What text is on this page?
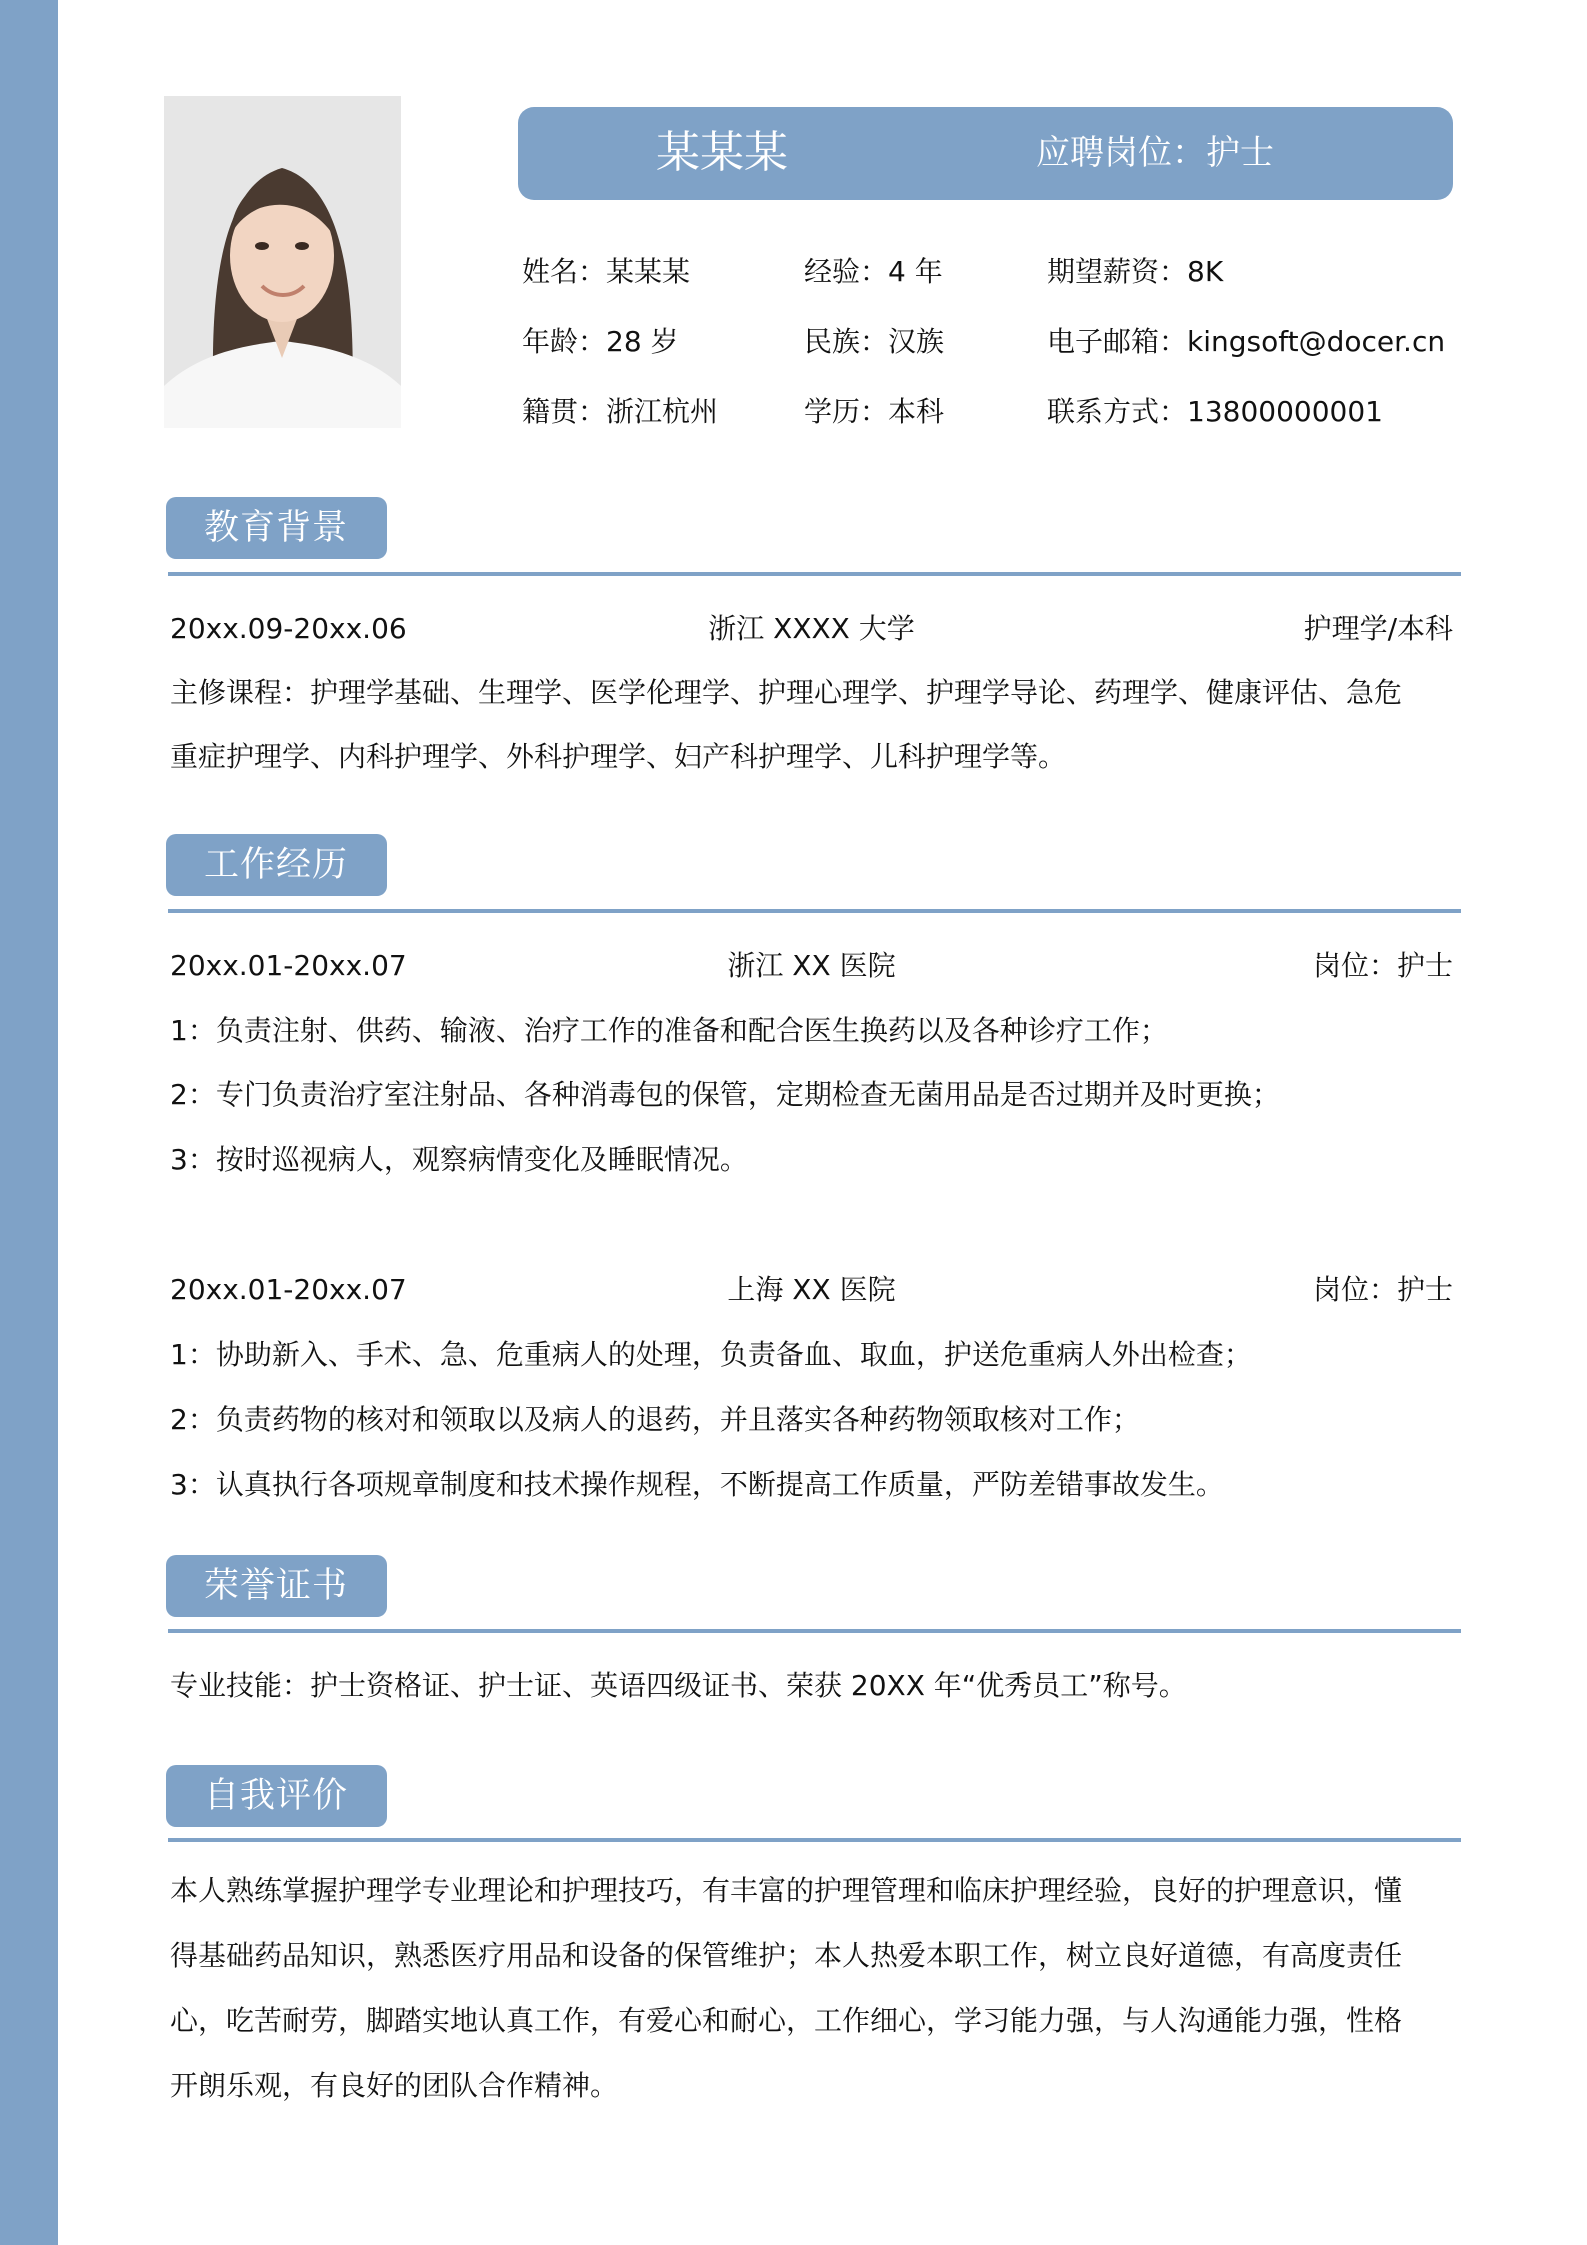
某某某	应聘岗位：护士
姓名：某某某	经验：4 年	期望薪资：8K
年龄：28 岁	民族：汉族	电子邮箱：kingsoft@docer.cn
籍贯：浙江杭州	学历：本科	联系方式：13800000001
教育背景
20xx.09-20xx.06	浙江 XXXX 大学	护理学/本科
主修课程：护理学基础、生理学、医学伦理学、护理心理学、护理学导论、药理学、健康评估、急危
重症护理学、内科护理学、外科护理学、妇产科护理学、儿科护理学等。
工作经历
20xx.01-20xx.07	浙江 XX 医院	岗位：护士
1：负责注射、供药、输液、治疗工作的准备和配合医生换药以及各种诊疗工作；
2：专门负责治疗室注射品、各种消毒包的保管，定期检查无菌用品是否过期并及时更换；
3：按时巡视病人，观察病情变化及睡眠情况。
20xx.01-20xx.07	上海 XX 医院	岗位：护士
1：协助新入、手术、急、危重病人的处理，负责备血、取血，护送危重病人外出检查；
2：负责药物的核对和领取以及病人的退药，并且落实各种药物领取核对工作；
3：认真执行各项规章制度和技术操作规程，不断提高工作质量，严防差错事故发生。
荣誉证书
专业技能：护士资格证、护士证、英语四级证书、荣获 20XX 年“优秀员工”称号。
自我评价
本人熟练掌握护理学专业理论和护理技巧，有丰富的护理管理和临床护理经验，良好的护理意识，懂
得基础药品知识，熟悉医疗用品和设备的保管维护；本人热爱本职工作，树立良好道德，有高度责任
心，吃苦耐劳，脚踏实地认真工作，有爱心和耐心，工作细心，学习能力强，与人沟通能力强，性格
开朗乐观，有良好的团队合作精神。
